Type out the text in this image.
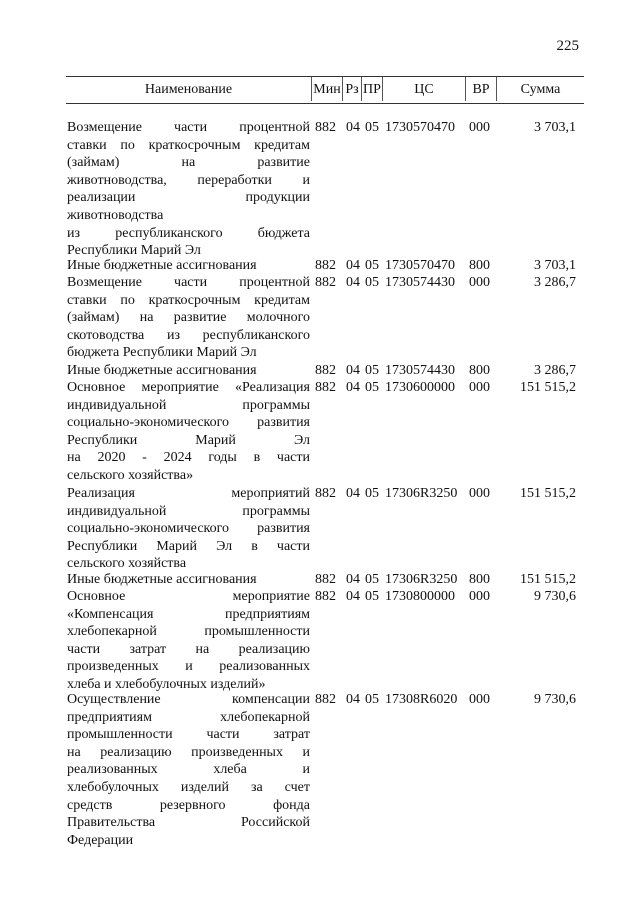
225
Наименование	Мин Рз ПР	ЦС	ВР	Сумма
Возмещение части процентной
ставки по краткосрочным кредитам
(займам) на развитие
животноводства, переработки и
реализации продукции
животноводства
из республиканского бюджета
Республики Марий Эл
882 04 05 1730570470 000	3 703,1
Иные бюджетные ассигнования	882 04 05 1730570470 800	3 703,1
Возмещение части процентной
ставки по краткосрочным кредитам
(займам) на развитие молочного
скотоводства из республиканского
бюджета Республики Марий Эл
882 04 05 1730574430 000	3 286,7
Иные бюджетные ассигнования	882 04 05 1730574430 800	3 286,7
Основное мероприятие «Реализация
индивидуальной программы
социально-экономического развития
Республики Марий Эл
на 2020 - 2024 годы в части
сельского хозяйства»
882 04 05 1730600000 000	151 515,2
Реализация мероприятий
индивидуальной программы
социально-экономического развития
Республики Марий Эл в части
сельского хозяйства
882 04 05 17306R3250 000	151 515,2
Иные бюджетные ассигнования	882 04 05 17306R3250 800	151 515,2
Основное мероприятие
«Компенсация предприятиям
хлебопекарной промышленности
части затрат на реализацию
произведенных и реализованных
хлеба и хлебобулочных изделий»
882 04 05 1730800000 000	9 730,6
Осуществление компенсации
предприятиям хлебопекарной
промышленности части затрат
на реализацию произведенных и
реализованных хлеба и
хлебобулочных изделий за счет
средств резервного фонда
Правительства Российской
Федерации
882 04 05 17308R6020 000	9 730,6
